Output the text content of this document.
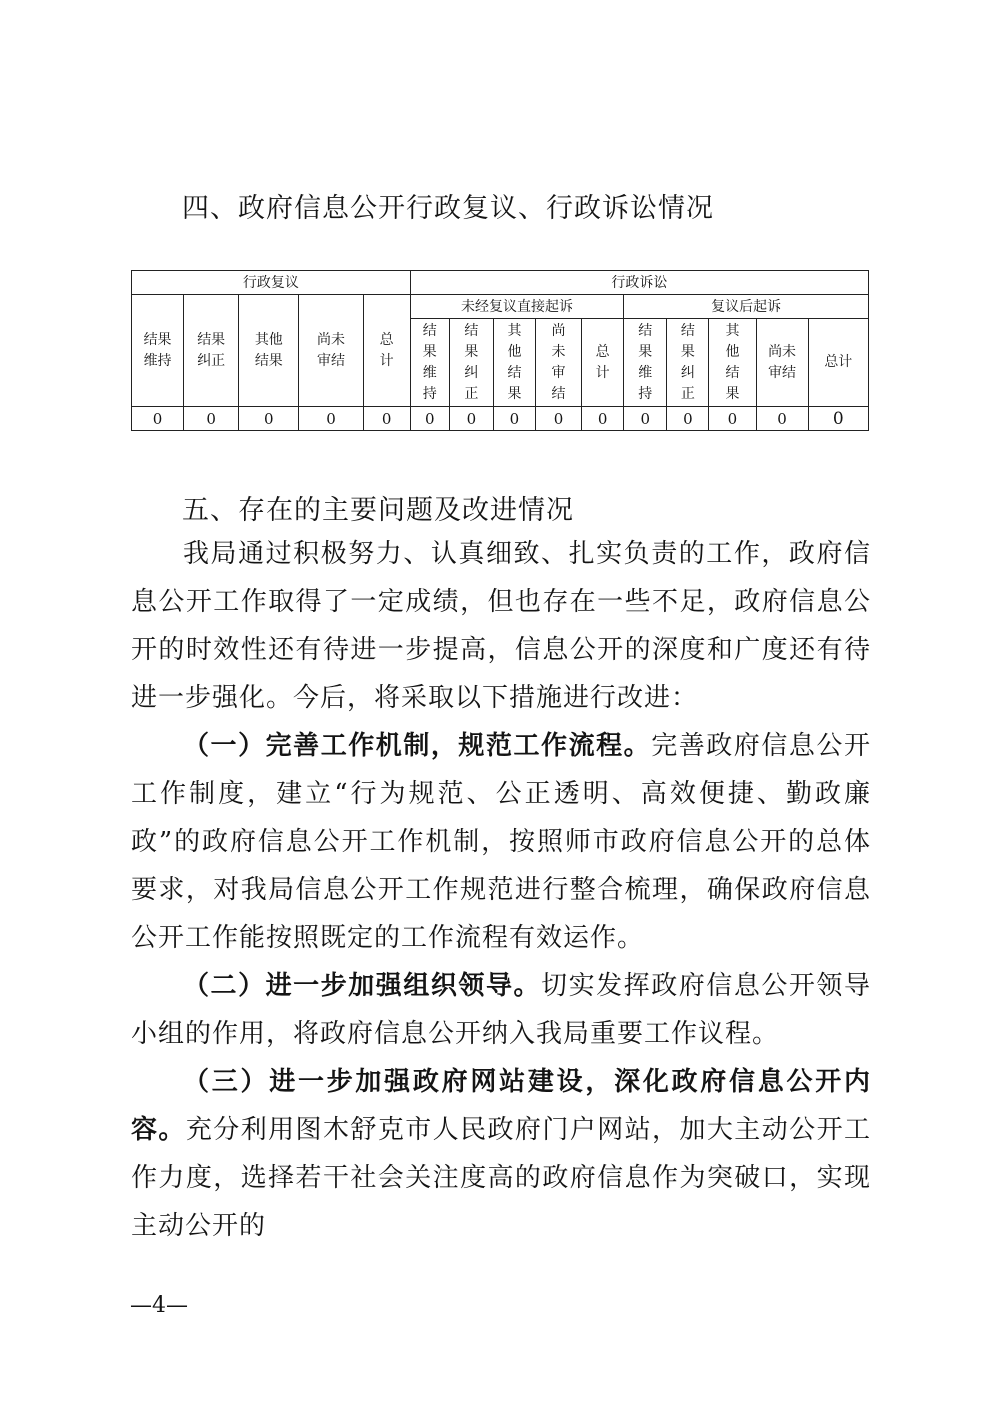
四、政府信息公开行政复议、行政诉讼情况
行政复议					行政诉讼									
结果维持	结果纠正	其他结果	尚未审结	总计	未经复议直接起诉					复议后起诉				
					结果维持	结果纠正	其他结果	尚未审结	总计	结果维持	结果纠正	其他结果	尚未审结	总计
0	0	0	0	0	0	0	0	0	0	0	0	0	0	0
五、存在的主要问题及改进情况

我局通过积极努力、认真细致、扎实负责的工作，政府信息公开工作取得了一定成绩，但也存在一些不足，政府信息公开的时效性还有待进一步提高，信息公开的深度和广度还有待进一步强化。今后，将采取以下措施进行改进：

（一）完善工作机制，规范工作流程。完善政府信息公开工作制度，建立“行为规范、公正透明、高效便捷、勤政廉政”的政府信息公开工作机制，按照师市政府信息公开的总体要求，对我局信息公开工作规范进行整合梳理，确保政府信息公开工作能按照既定的工作流程有效运作。

（二）进一步加强组织领导。切实发挥政府信息公开领导小组的作用，将政府信息公开纳入我局重要工作议程。

（三）进一步加强政府网站建设，深化政府信息公开内容。充分利用图木舒克市人民政府门户网站，加大主动公开工作力度，选择若干社会关注度高的政府信息作为突破口，实现主动公开的

—4—
